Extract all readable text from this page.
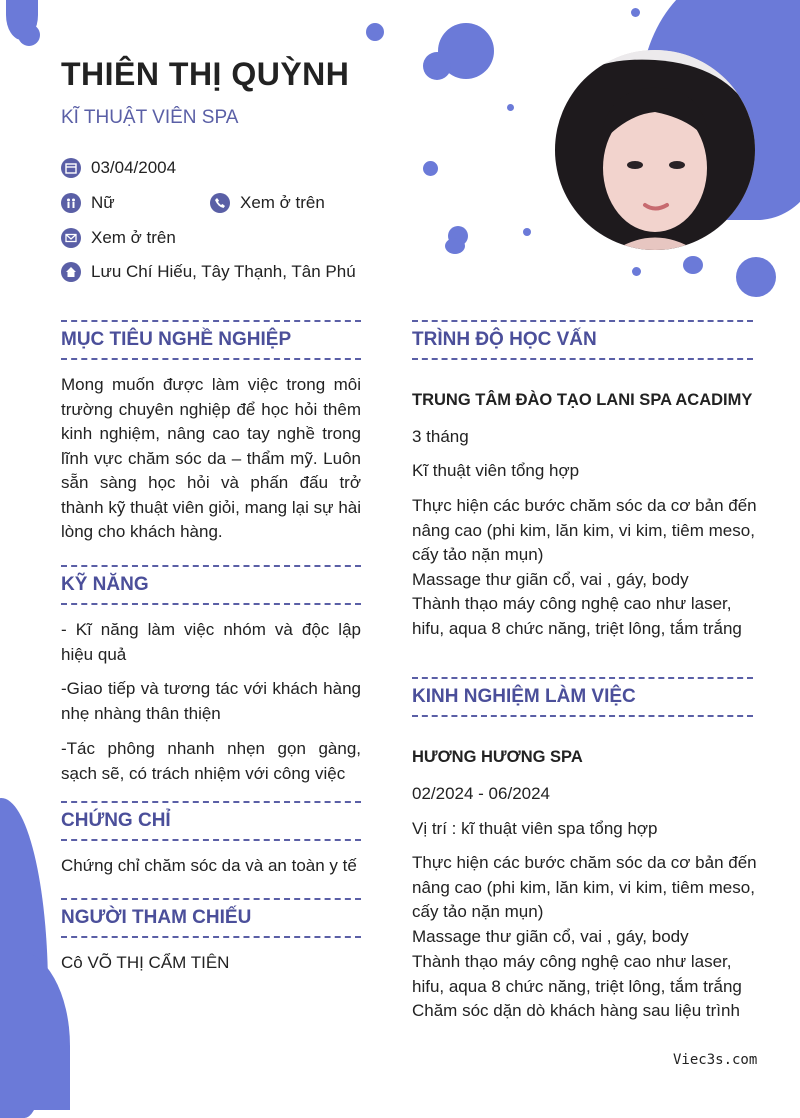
THIÊN THỊ QUỲNH
KĨ THUẬT VIÊN SPA
03/04/2004
Nữ	Xem ở trên
Xem ở trên
Lưu Chí Hiếu, Tây Thạnh, Tân Phú
MỤC TIÊU NGHỀ NGHIỆP

Mong muốn được làm việc trong môi trường chuyên nghiệp để học hỏi thêm kinh nghiệm, nâng cao tay nghề trong lĩnh vực chăm sóc da – thẩm mỹ. Luôn sẵn sàng học hỏi và phấn đấu trở thành kỹ thuật viên giỏi, mang lại sự hài lòng cho khách hàng.

KỸ NĂNG

- Kĩ năng làm việc nhóm và độc lập hiệu quả

-Giao tiếp và tương tác với khách hàng nhẹ nhàng thân thiện

-Tác phông nhanh nhẹn gọn gàng, sạch sẽ, có trách nhiệm với công việc

CHỨNG CHỈ
Chứng chỉ chăm sóc da và an toàn y tế
NGƯỜI THAM CHIẾU
Cô VÕ THỊ CẨM TIÊN
TRÌNH ĐỘ HỌC VẤN
TRUNG TÂM ĐÀO TẠO LANI SPA ACADIMY
3 tháng
Kĩ thuật viên tổng hợp

Thực hiện các bước chăm sóc da cơ bản đến nâng cao (phi kim, lăn kim, vi kim, tiêm meso, cấy tảo nặn mụn)

Massage thư giãn cổ, vai , gáy, body

Thành thạo máy công nghệ cao như laser, hifu, aqua 8 chức năng, triệt lông, tắm trắng

KINH NGHIỆM LÀM VIỆC
HƯƠNG HƯƠNG SPA
02/2024 - 06/2024
Vị trí : kĩ thuật viên spa tổng hợp

Thực hiện các bước chăm sóc da cơ bản đến nâng cao (phi kim, lăn kim, vi kim, tiêm meso, cấy tảo nặn mụn)

Massage thư giãn cổ, vai , gáy, body

Thành thạo máy công nghệ cao như laser, hifu, aqua 8 chức năng, triệt lông, tắm trắng

Chăm sóc dặn dò khách hàng sau liệu trình

Viec3s.com
